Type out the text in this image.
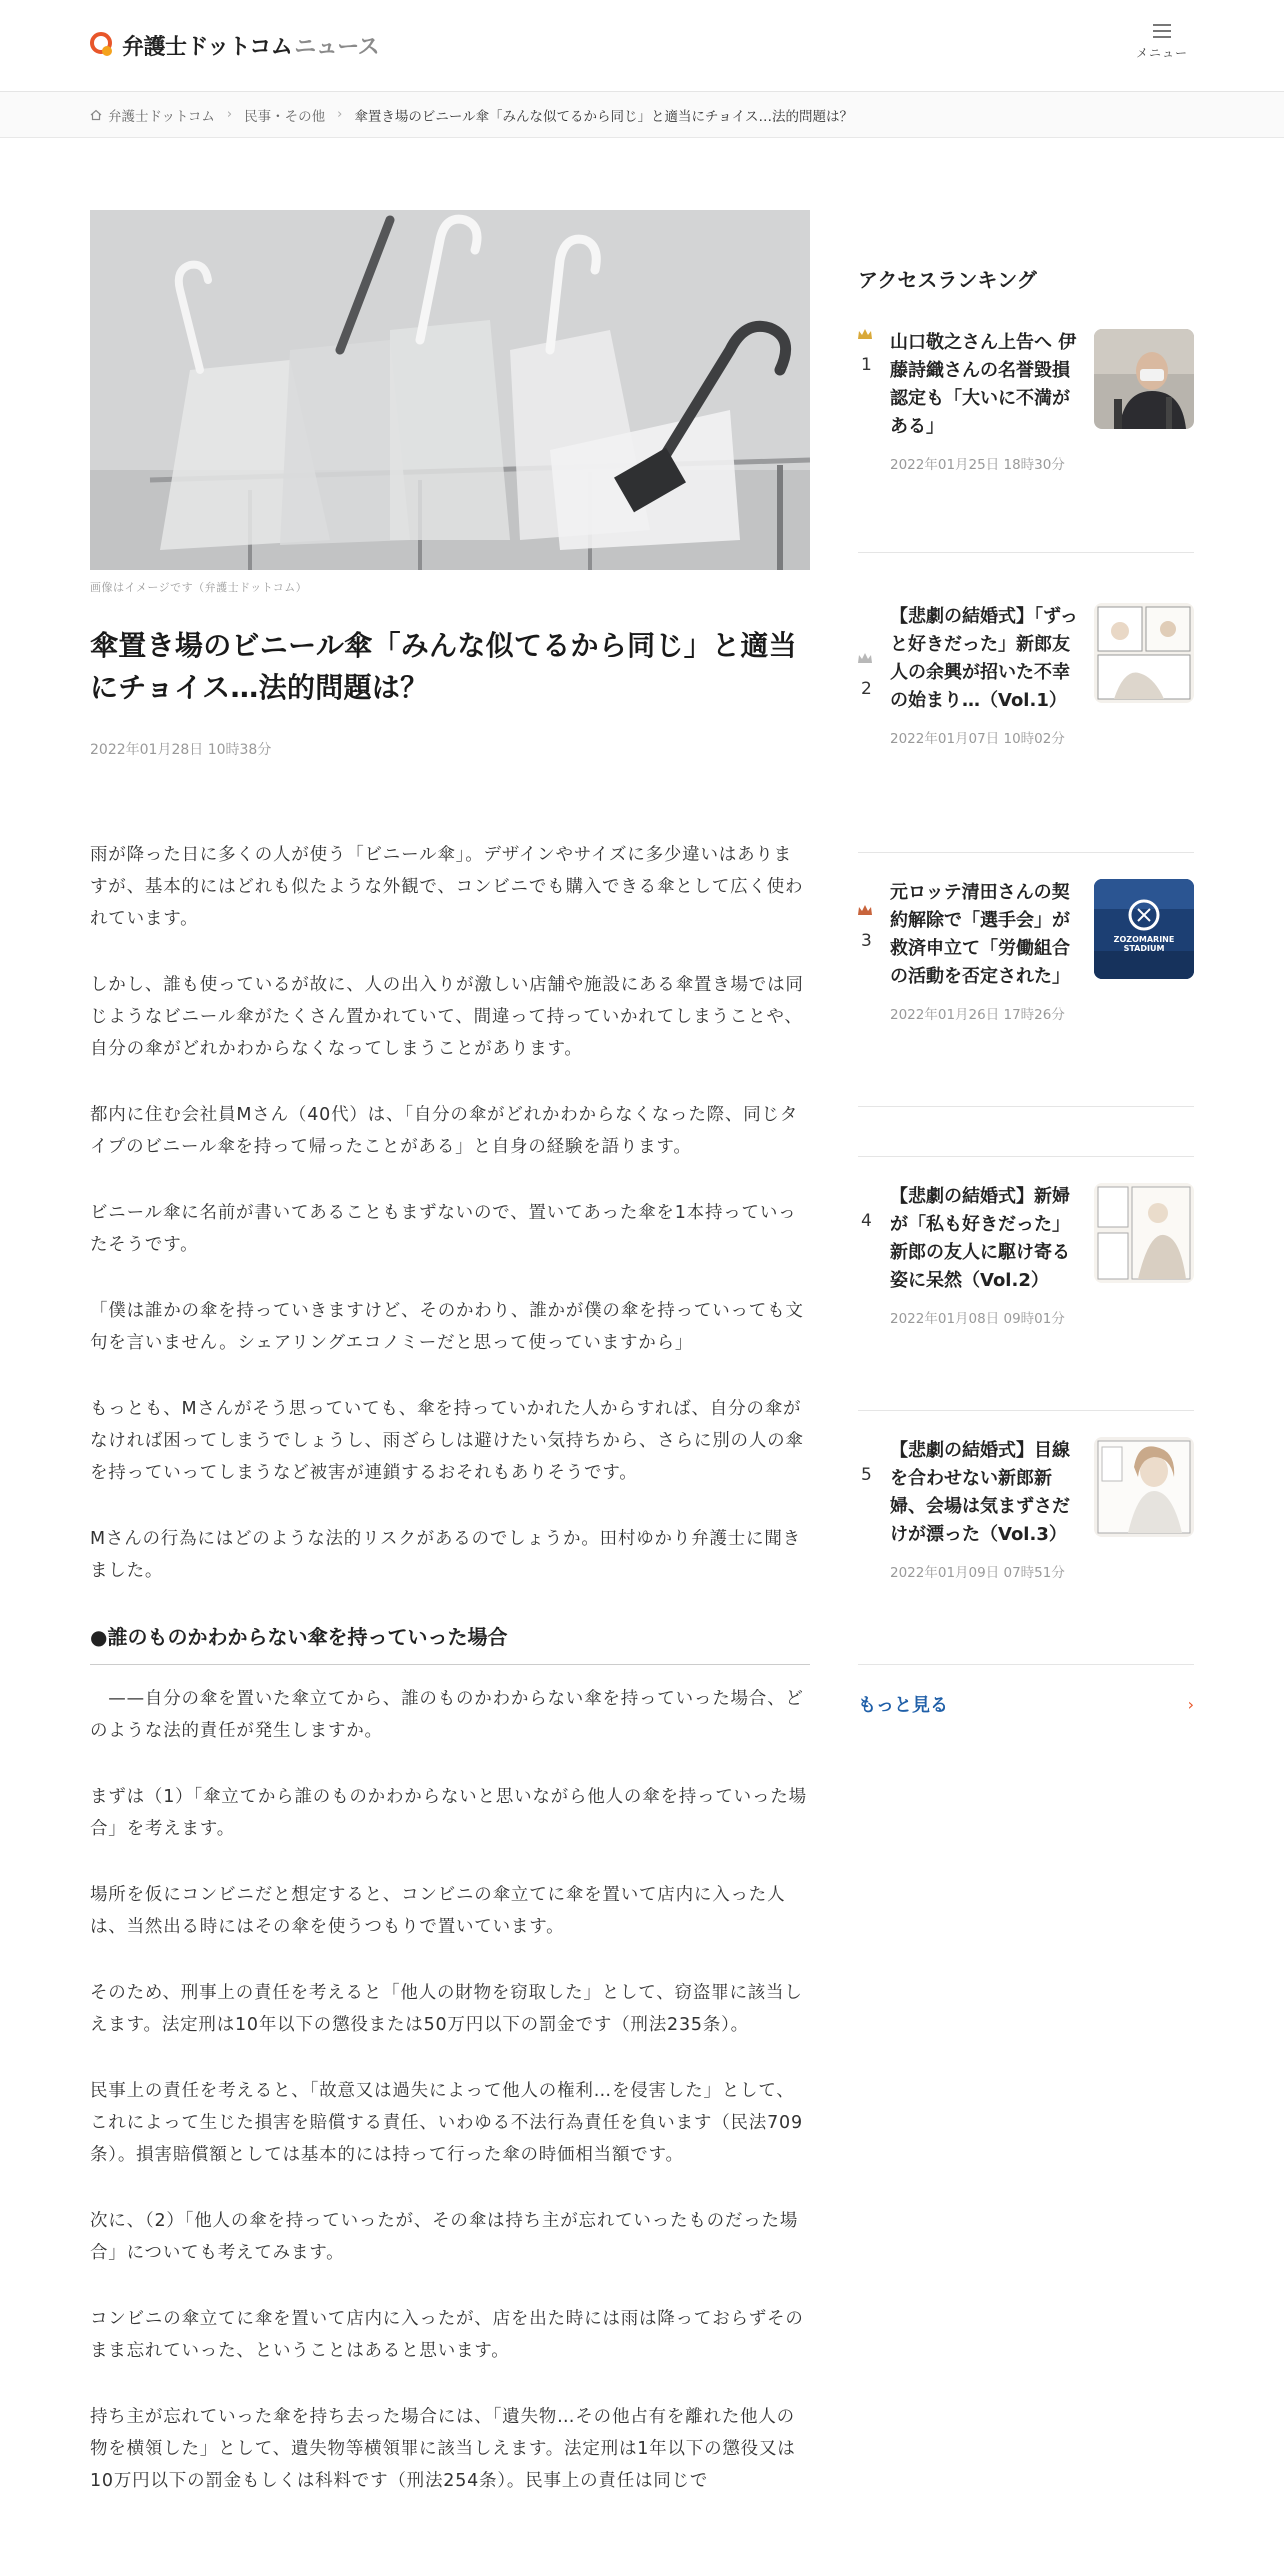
弁護士ドットコム ニュース	メニュー
弁護士ドットコム › 民事・その他 › 傘置き場のビニール傘「みんな似てるから同じ」と適当にチョイス…法的問題は？
画像はイメージです（弁護士ドットコム）
傘置き場のビニール傘「みんな似てるから同じ」と適当にチョイス…法的問題は？
2022年01月28日 10時38分

雨が降った日に多くの人が使う「ビニール傘」。デザインやサイズに多少違いはありますが、基本的にはどれも似たような外観で、コンビニでも購入できる傘として広く使われています。

しかし、誰も使っているが故に、人の出入りが激しい店舗や施設にある傘置き場では同じようなビニール傘がたくさん置かれていて、間違って持っていかれてしまうことや、自分の傘がどれかわからなくなってしまうことがあります。

都内に住む会社員Mさん（40代）は、「自分の傘がどれかわからなくなった際、同じタイプのビニール傘を持って帰ったことがある」と自身の経験を語ります。

ビニール傘に名前が書いてあることもまずないので、置いてあった傘を1本持っていったそうです。

「僕は誰かの傘を持っていきますけど、そのかわり、誰かが僕の傘を持っていっても文句を言いません。シェアリングエコノミーだと思って使っていますから」

もっとも、Mさんがそう思っていても、傘を持っていかれた人からすれば、自分の傘がなければ困ってしまうでしょうし、雨ざらしは避けたい気持ちから、さらに別の人の傘を持っていってしまうなど被害が連鎖するおそれもありそうです。

Mさんの行為にはどのような法的リスクがあるのでしょうか。田村ゆかり弁護士に聞きました。

●誰のものかわからない傘を持っていった場合

　——自分の傘を置いた傘立てから、誰のものかわからない傘を持っていった場合、どのような法的責任が発生しますか。

まずは（1）「傘立てから誰のものかわからないと思いながら他人の傘を持っていった場合」を考えます。

場所を仮にコンビニだと想定すると、コンビニの傘立てに傘を置いて店内に入った人は、当然出る時にはその傘を使うつもりで置いています。

そのため、刑事上の責任を考えると「他人の財物を窃取した」として、窃盗罪に該当しえます。法定刑は10年以下の懲役または50万円以下の罰金です（刑法235条）。

民事上の責任を考えると、「故意又は過失によって他人の権利…を侵害した」として、これによって生じた損害を賠償する責任、いわゆる不法行為責任を負います（民法709条）。損害賠償額としては基本的には持って行った傘の時価相当額です。

次に、（2）「他人の傘を持っていったが、その傘は持ち主が忘れていったものだった場合」についても考えてみます。

コンビニの傘立てに傘を置いて店内に入ったが、店を出た時には雨は降っておらずそのまま忘れていった、ということはあると思います。

持ち主が忘れていった傘を持ち去った場合には、「遺失物…その他占有を離れた他人の物を横領した」として、遺失物等横領罪に該当しえます。法定刑は1年以下の懲役又は10万円以下の罰金もしくは科料です（刑法254条）。民事上の責任は同じで

アクセスランキング
1
山口敬之さん上告へ 伊藤詩織さんの名誉毀損認定も「大いに不満がある」
2022年01月25日 18時30分
2
【悲劇の結婚式】「ずっと好きだった」新郎友人の余興が招いた不幸の始まり…（Vol.1）
2022年01月07日 10時02分
3
元ロッテ清田さんの契約解除で「選手会」が救済申立て「労働組合の活動を否定された」
2022年01月26日 17時26分
ZOZOMARINE STADIUM
4
【悲劇の結婚式】新婦が「私も好きだった」新郎の友人に駆け寄る姿に呆然（Vol.2）
2022年01月08日 09時01分
5
【悲劇の結婚式】目線を合わせない新郎新婦、会場は気まずさだけが漂った（Vol.3）
2022年01月09日 07時51分
もっと見る	›
